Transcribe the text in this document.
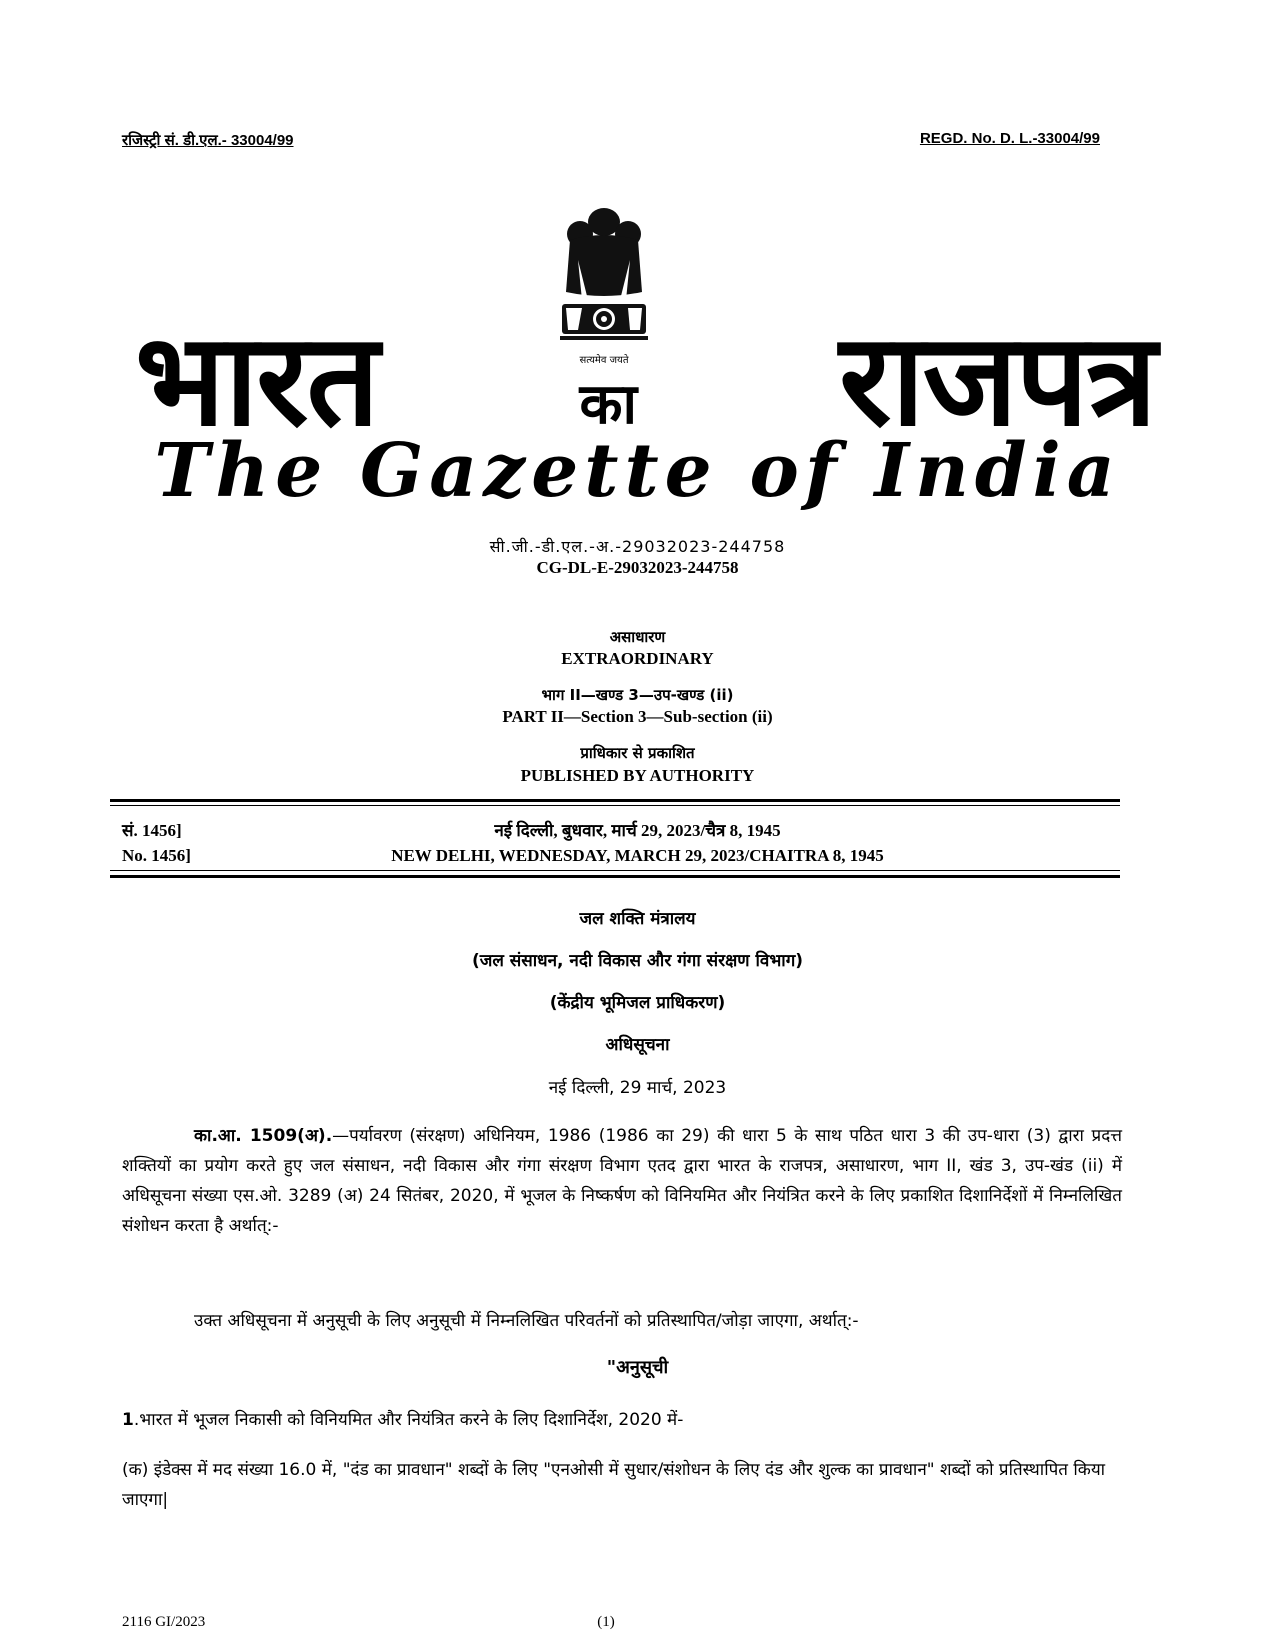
रजिस्ट्री सं. डी.एल.- 33004/99	REGD. No. D. L.-33004/99
सत्यमेव जयते
भारत	का राजपत्र
The Gazette of India
सी.जी.-डी.एल.-अ.-29032023-244758
CG-DL-E-29032023-244758
असाधारण
EXTRAORDINARY
भाग II—खण्ड 3—उप-खण्ड (ii)
PART II—Section 3—Sub-section (ii)
प्राधिकार से प्रकाशित
PUBLISHED BY AUTHORITY
सं. 1456]	नई दिल्ली, बुधवार, मार्च 29, 2023/चैत्र 8, 1945
No. 1456]	NEW DELHI, WEDNESDAY, MARCH 29, 2023/CHAITRA 8, 1945
जल शक्ति मंत्रालय
(जल संसाधन, नदी विकास और गंगा संरक्षण विभाग)
(केंद्रीय भूमिजल प्राधिकरण)
अधिसूचना
नई दिल्ली, 29 मार्च, 2023
का.आ. 1509(अ).—पर्यावरण (संरक्षण) अधिनियम, 1986 (1986 का 29) की धारा 5 के साथ पठित धारा 3 की उप-धारा (3) द्वारा प्रदत्त शक्तियों का प्रयोग करते हुए जल संसाधन, नदी विकास और गंगा संरक्षण विभाग एतद द्वारा भारत के राजपत्र, असाधारण, भाग II, खंड 3, उप-खंड (ii) में अधिसूचना संख्या एस.ओ. 3289 (अ) 24 सितंबर, 2020, में भूजल के निष्कर्षण को विनियमित और नियंत्रित करने के लिए प्रकाशित दिशानिर्देशों में निम्नलिखित संशोधन करता है अर्थात्:-
उक्त अधिसूचना में अनुसूची के लिए अनुसूची में निम्नलिखित परिवर्तनों को प्रतिस्थापित/जोड़ा जाएगा, अर्थात्:-
"अनुसूची
1.भारत में भूजल निकासी को विनियमित और नियंत्रित करने के लिए दिशानिर्देश, 2020 में-
(क) इंडेक्स में मद संख्या 16.0 में, "दंड का प्रावधान" शब्दों के लिए "एनओसी में सुधार/संशोधन के लिए दंड और शुल्क का प्रावधान" शब्दों को प्रतिस्थापित किया जाएगा|
2116 GI/2023	(1)
